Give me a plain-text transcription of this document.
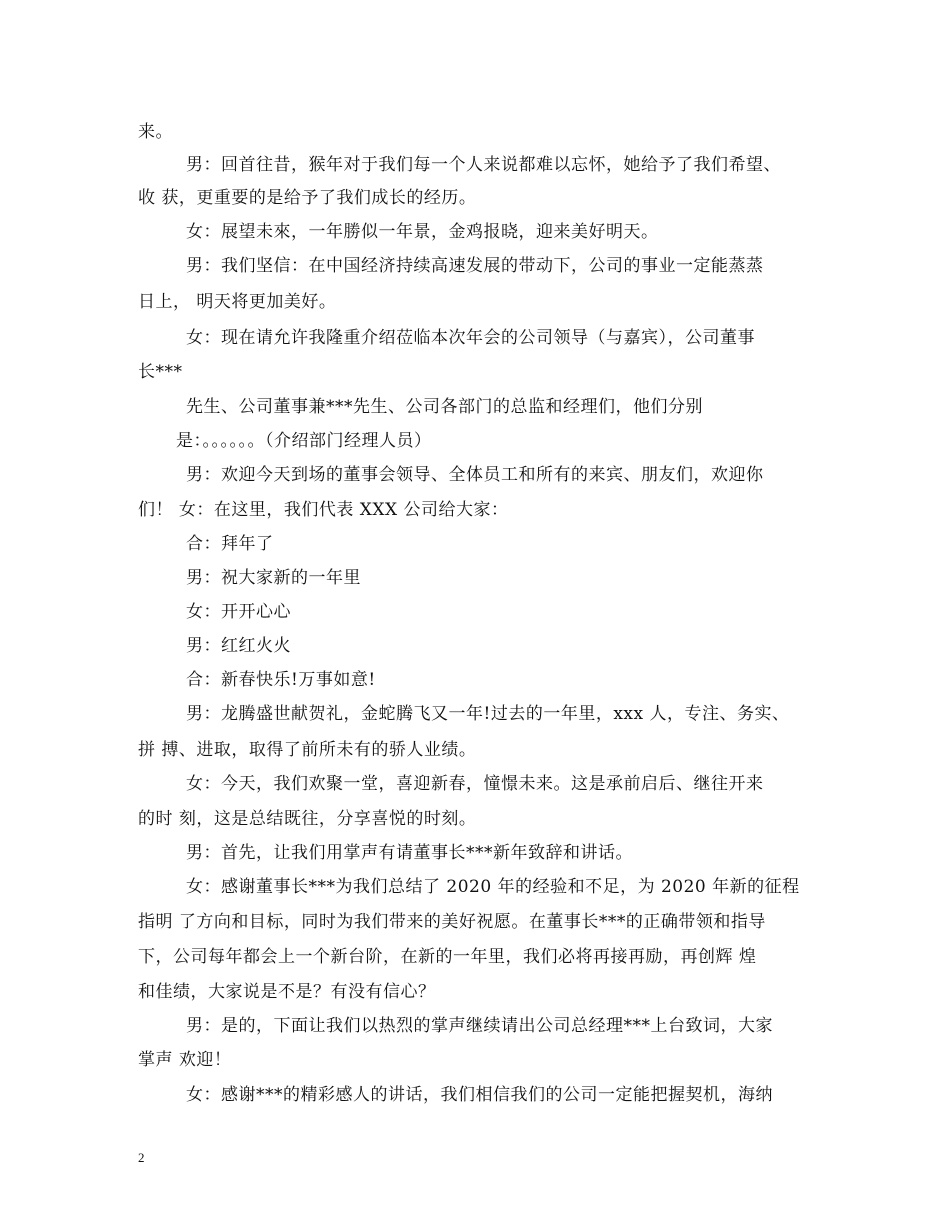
来。
男：回首往昔，猴年对于我们每一个人来说都难以忘怀，她给予了我们希望、
收 获，更重要的是给予了我们成长的经历。
女：展望未來，一年勝似一年景，金鸡报晓，迎来美好明天。
男：我们坚信：在中国经济持续高速发展的带动下，公司的事业一定能蒸蒸
日上， 明天将更加美好。
女：现在请允许我隆重介绍莅临本次年会的公司领导（与嘉宾），公司董事
长***
先生、公司董事兼***先生、公司各部门的总监和经理们，他们分别
是：。。。。。。（介绍部门经理人员）
男：欢迎今天到场的董事会领导、全体员工和所有的来宾、朋友们，欢迎你
们！ 女：在这里，我们代表 XXX 公司给大家：
合：拜年了
男：祝大家新的一年里
女：开开心心
男：红红火火
合：新春快乐!万事如意!
男：龙腾盛世献贺礼，金蛇腾飞又一年!过去的一年里，xxx 人，专注、务实、
拼 搏、进取，取得了前所未有的骄人业绩。
女：今天，我们欢聚一堂，喜迎新春，憧憬未来。这是承前启后、继往开来
的时 刻，这是总结既往，分享喜悦的时刻。
男：首先，让我们用掌声有请董事长***新年致辞和讲话。
女：感谢董事长***为我们总结了 2020 年的经验和不足，为 2020 年新的征程
指明 了方向和目标，同时为我们带来的美好祝愿。在董事长***的正确带领和指导
下，公司每年都会上一个新台阶，在新的一年里，我们必将再接再励，再创辉 煌
和佳绩，大家说是不是？有没有信心？
男：是的，下面让我们以热烈的掌声继续请出公司总经理***上台致词，大家
掌声 欢迎！
女：感谢***的精彩感人的讲话，我们相信我们的公司一定能把握契机，海纳
2
